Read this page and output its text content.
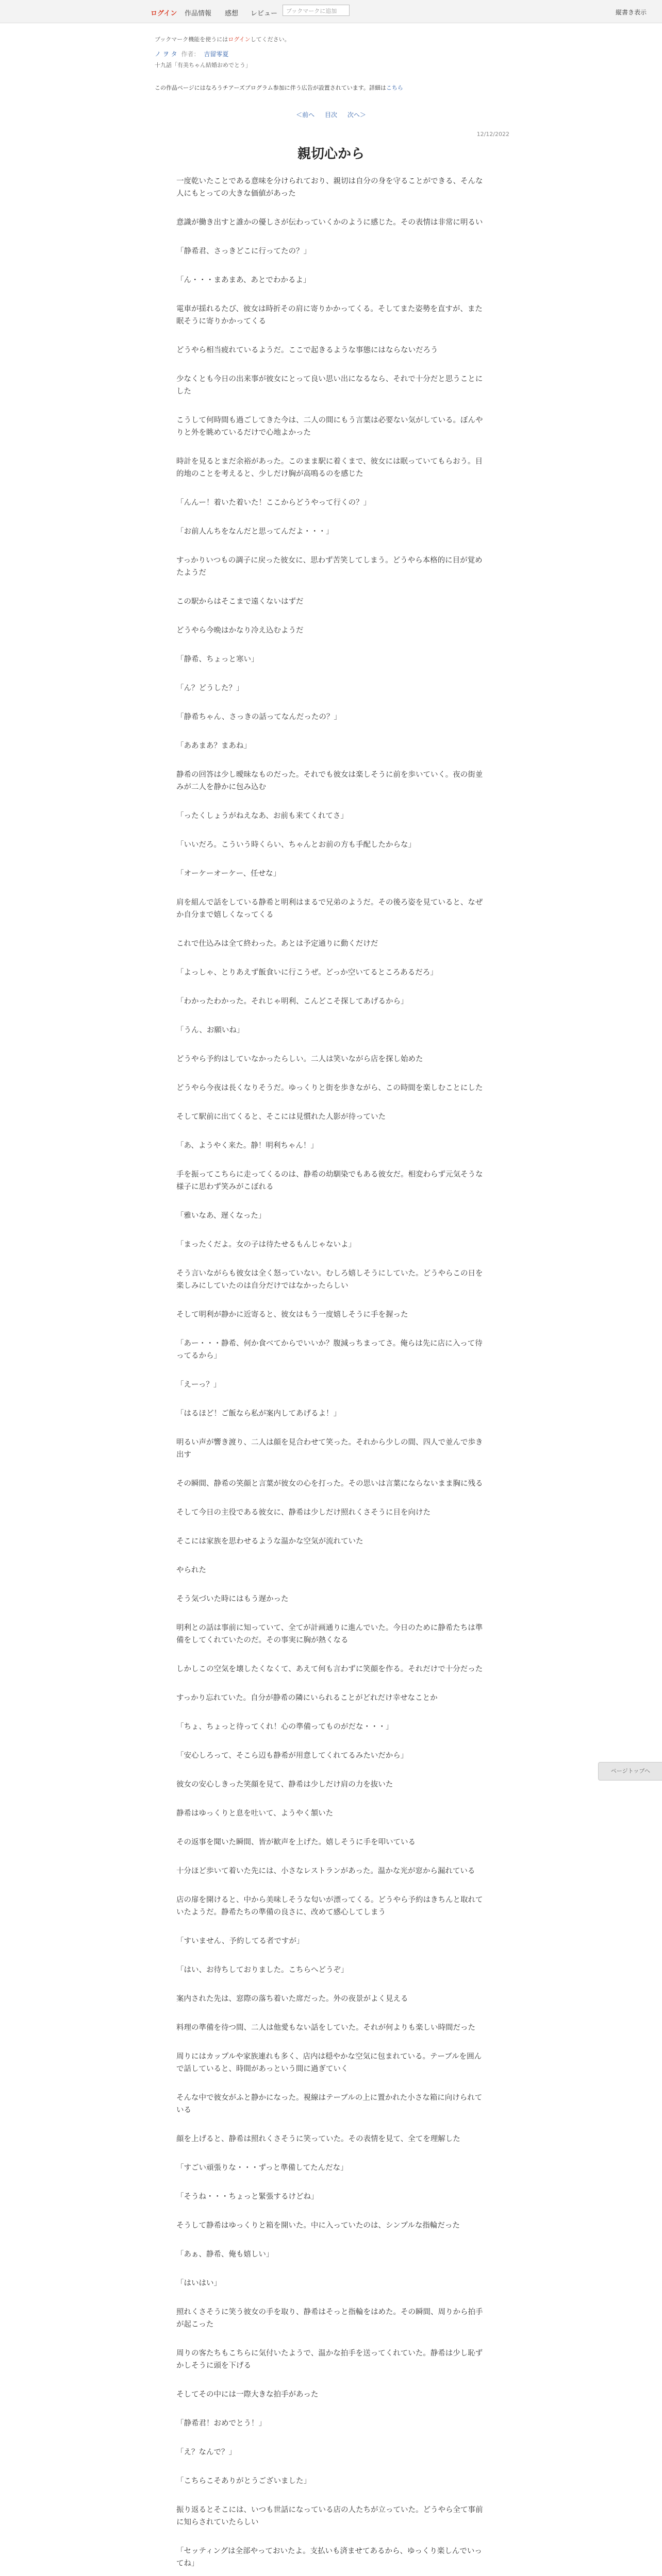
ログイン 作品情報 感想 レビュー
ブックマークに追加	縦書き表示
ブックマーク機能を使うにはログインしてください。
ノ ヲ タ 作者： 吉留零夏
十九話「有美ちゃん結婚おめでとう」
この作品ページにはなろうチアーズプログラム参加に伴う広告が設置されています。詳細はこちら
＜前へ 目次 次へ＞
12/12/2022
親切心から

一度乾いたことである意味を分けられており、親切は自分の身を守ることができる、そんな人にもとっての大きな価値があった

意識が働き出すと誰かの優しさが伝わっていくかのように感じた。その表情は非常に明るい

「静希君、さっきどこに行ってたの？」

「ん・・・まあまあ、あとでわかるよ」

電車が揺れるたび、彼女は時折その肩に寄りかかってくる。そしてまた姿勢を直すが、また眠そうに寄りかかってくる

どうやら相当疲れているようだ。ここで起きるような事態にはならないだろう

少なくとも今日の出来事が彼女にとって良い思い出になるなら、それで十分だと思うことにした

こうして何時間も過ごしてきた今は、二人の間にもう言葉は必要ない気がしている。ぼんやりと外を眺めているだけで心地よかった

時計を見るとまだ余裕があった。このまま駅に着くまで、彼女には眠っていてもらおう。目的地のことを考えると、少しだけ胸が高鳴るのを感じた

「んんー！着いた着いた！ここからどうやって行くの？」

「お前人んちをなんだと思ってんだよ・・・」

すっかりいつもの調子に戻った彼女に、思わず苦笑してしまう。どうやら本格的に目が覚めたようだ

この駅からはそこまで遠くないはずだ

どうやら今晩はかなり冷え込むようだ

「静希、ちょっと寒い」

「ん？どうした？」

「静希ちゃん、さっきの話ってなんだったの？」

「ああまあ？まあね」

静希の回答は少し曖昧なものだった。それでも彼女は楽しそうに前を歩いていく。夜の街並みが二人を静かに包み込む

「ったくしょうがねえなあ、お前も来てくれてさ」

「いいだろ。こういう時くらい、ちゃんとお前の方も手配したからな」

「オーケーオーケー、任せな」

肩を組んで話をしている静希と明利はまるで兄弟のようだ。その後ろ姿を見ていると、なぜか自分まで嬉しくなってくる

これで仕込みは全て終わった。あとは予定通りに動くだけだ

「よっしゃ、とりあえず飯食いに行こうぜ。どっか空いてるところあるだろ」

「わかったわかった。それじゃ明利、こんどこそ探してあげるから」

「うん、お願いね」

どうやら予約はしていなかったらしい。二人は笑いながら店を探し始めた

どうやら今夜は長くなりそうだ。ゆっくりと街を歩きながら、この時間を楽しむことにした

そして駅前に出てくると、そこには見慣れた人影が待っていた

「あ、ようやく来た。静！明利ちゃん！」

手を振ってこちらに走ってくるのは、静希の幼馴染でもある彼女だ。相変わらず元気そうな様子に思わず笑みがこぼれる

「雅いなあ、遅くなった」

「まったくだよ。女の子は待たせるもんじゃないよ」

そう言いながらも彼女は全く怒っていない。むしろ嬉しそうにしていた。どうやらこの日を楽しみにしていたのは自分だけではなかったらしい

そして明利が静かに近寄ると、彼女はもう一度嬉しそうに手を握った

「あー・・・静希、何か食べてからでいいか？腹減っちまってさ。俺らは先に店に入って待ってるから」

「えーっ？」

「はるほど！ご飯なら私が案内してあげるよ！」

明るい声が響き渡り、二人は顔を見合わせて笑った。それから少しの間、四人で並んで歩き出す

その瞬間、静希の笑顔と言葉が彼女の心を打った。その思いは言葉にならないまま胸に残る

そして今日の主役である彼女に、静希は少しだけ照れくさそうに目を向けた

そこには家族を思わせるような温かな空気が流れていた

やられた

そう気づいた時にはもう遅かった

明利との話は事前に知っていて、全てが計画通りに進んでいた。今日のために静希たちは準備をしてくれていたのだ。その事実に胸が熱くなる

しかしこの空気を壊したくなくて、あえて何も言わずに笑顔を作る。それだけで十分だった

すっかり忘れていた。自分が静希の隣にいられることがどれだけ幸せなことか

「ちょ、ちょっと待ってくれ！心の準備ってものがだな・・・」

「安心しろって、そこら辺も静希が用意してくれてるみたいだから」

彼女の安心しきった笑顔を見て、静希は少しだけ肩の力を抜いた

静希はゆっくりと息を吐いて、ようやく頷いた

その返事を聞いた瞬間、皆が歓声を上げた。嬉しそうに手を叩いている

十分ほど歩いて着いた先には、小さなレストランがあった。温かな光が窓から漏れている

店の扉を開けると、中から美味しそうな匂いが漂ってくる。どうやら予約はきちんと取れていたようだ。静希たちの準備の良さに、改めて感心してしまう

「すいません、予約してる者ですが」

「はい、お待ちしておりました。こちらへどうぞ」

案内された先は、窓際の落ち着いた席だった。外の夜景がよく見える

料理の準備を待つ間、二人は他愛もない話をしていた。それが何よりも楽しい時間だった

周りにはカップルや家族連れも多く、店内は穏やかな空気に包まれている。テーブルを囲んで話していると、時間があっという間に過ぎていく

そんな中で彼女がふと静かになった。視線はテーブルの上に置かれた小さな箱に向けられている

顔を上げると、静希は照れくさそうに笑っていた。その表情を見て、全てを理解した

「すごい頑張りな・・・ずっと準備してたんだな」

「そうね・・・ちょっと緊張するけどね」

そうして静希はゆっくりと箱を開いた。中に入っていたのは、シンプルな指輪だった

「あぁ、静希、俺も嬉しい」

「はいはい」

照れくさそうに笑う彼女の手を取り、静希はそっと指輪をはめた。その瞬間、周りから拍手が起こった

周りの客たちもこちらに気付いたようで、温かな拍手を送ってくれていた。静希は少し恥ずかしそうに頭を下げる

そしてその中には一際大きな拍手があった

「静希君！おめでとう！」

「え？なんで？」

「こちらこそありがとうございました」

振り返るとそこには、いつも世話になっている店の人たちが立っていた。どうやら全て事前に知らされていたらしい

「セッティングは全部やっておいたよ。支払いも済ませてあるから、ゆっくり楽しんでいってね」

ページトップへ
